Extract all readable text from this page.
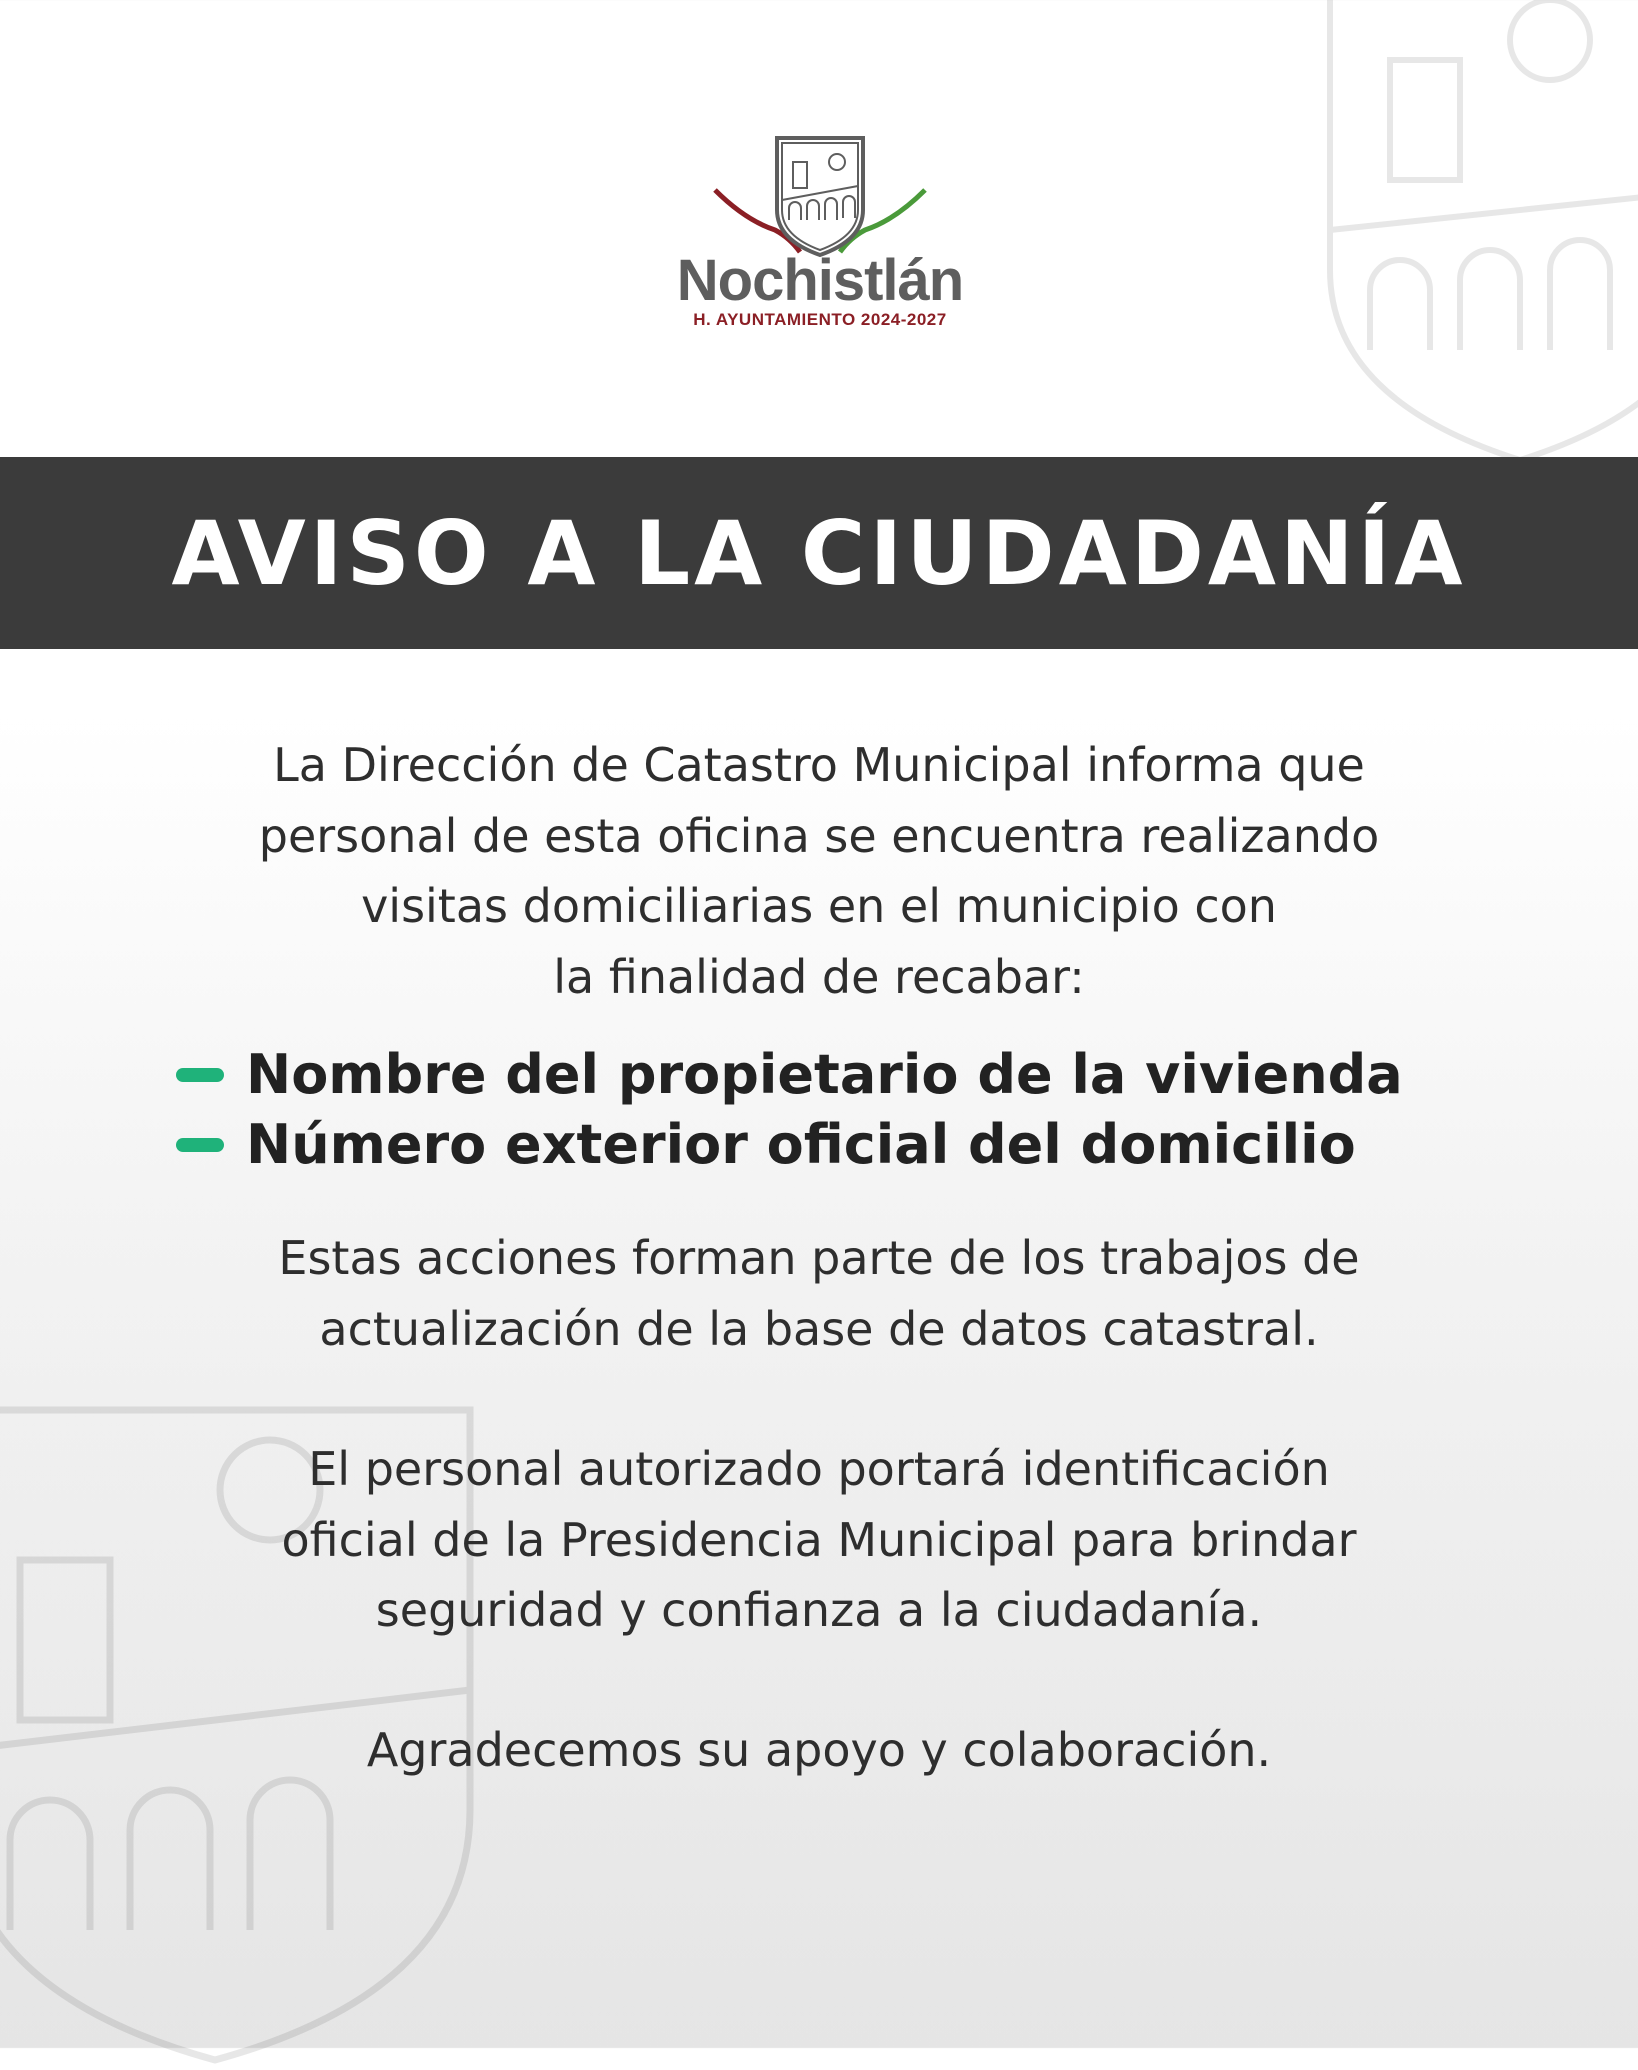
Nochistlán
H. AYUNTAMIENTO 2024-2027
AVISO A LA CIUDADANÍA
La Dirección de Catastro Municipal informa que
personal de esta oficina se encuentra realizando
visitas domiciliarias en el municipio con
la finalidad de recabar:
Nombre del propietario de la vivienda
Número exterior oficial del domicilio
Estas acciones forman parte de los trabajos de
actualización de la base de datos catastral.
El personal autorizado portará identificación
oficial de la Presidencia Municipal para brindar
seguridad y confianza a la ciudadanía.
Agradecemos su apoyo y colaboración.
